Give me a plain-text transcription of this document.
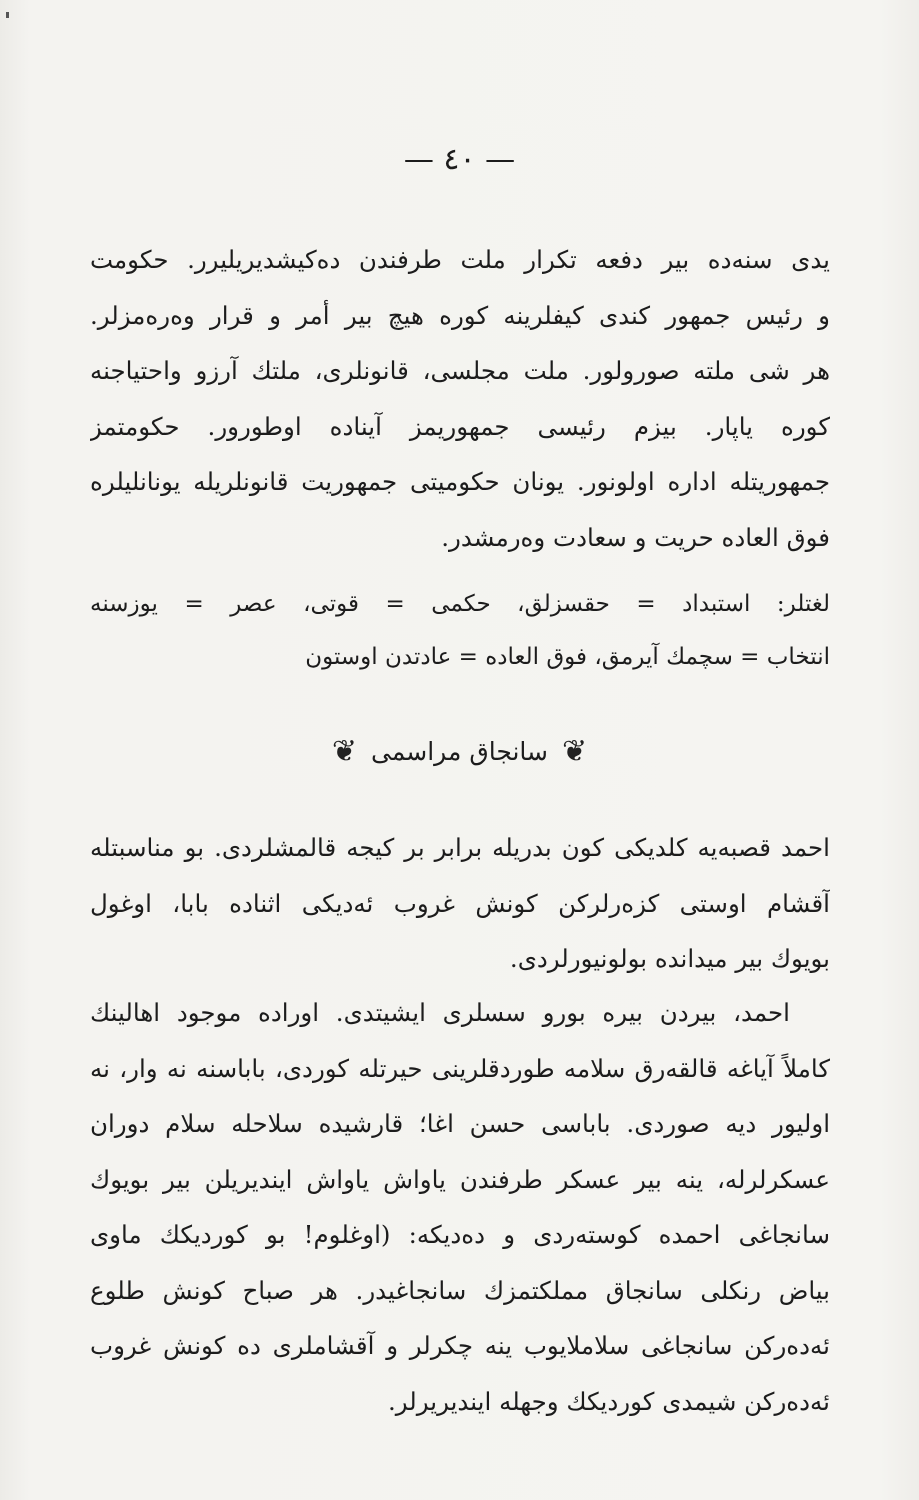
— ٤٠ —
يدى سنه‌ده بير دفعه تكرار ملت طرفندن ده‌كيشديريليرر. حكومت
و رئيس جمهور كندى كيفلرينه كوره هيچ بير أمر و قرار وه‌ره‌مزلر.
هر شى ملته صورولور. ملت مجلسى، قانونلرى، ملتك آرزو واحتياجنه
كوره ياپار. بيزم رئيسى جمهوريمز آيناده اوطورور. حكومتمز
جمهوريتله اداره اولونور. يونان حكوميتى جمهوريت قانونلريله يونانليلره
فوق العاده حريت و سعادت وه‌رمشدر.
لغتلر: استبداد = حقسزلق، حكمى = قوتى، عصر = يوزسنه
انتخاب = سچمك آيرمق، فوق العاده = عادتدن اوستون
❦ سانجاق مراسمى ❦
احمد قصبه‌يه كلديكى كون بدريله برابر بر كيجه قالمشلردى. بو مناسبتله
آقشام اوستى كزه‌رلركن كونش غروب ئه‌ديكى اثناده بابا، اوغول
بويوك بير ميدانده بولونيورلردى.
احمد، بيردن بيره بورو سسلرى ايشيتدى. اوراده موجود اهالينك
كاملاً آياغه قالقه‌رق سلامه طوردقلرينى حيرتله كوردى، باباسنه نه وار، نه
اوليور ديه صوردى. باباسى حسن اغا؛ قارشيده سلاحله سلام دوران
عسكرلرله، ينه بير عسكر طرفندن ياواش ياواش اينديريلن بير بويوك
سانجاغى احمده كوسته‌ردى و ده‌ديكه: (اوغلوم! بو كورديكك ماوى
بياض رنكلى سانجاق مملكتمزك سانجاغيدر. هر صباح كونش طلوع
ئه‌ده‌ركن سانجاغى سلاملايوب ينه چكرلر و آقشاملرى ده كونش غروب
ئه‌ده‌ركن شيمدى كورديكك وجهله اينديريرلر.
